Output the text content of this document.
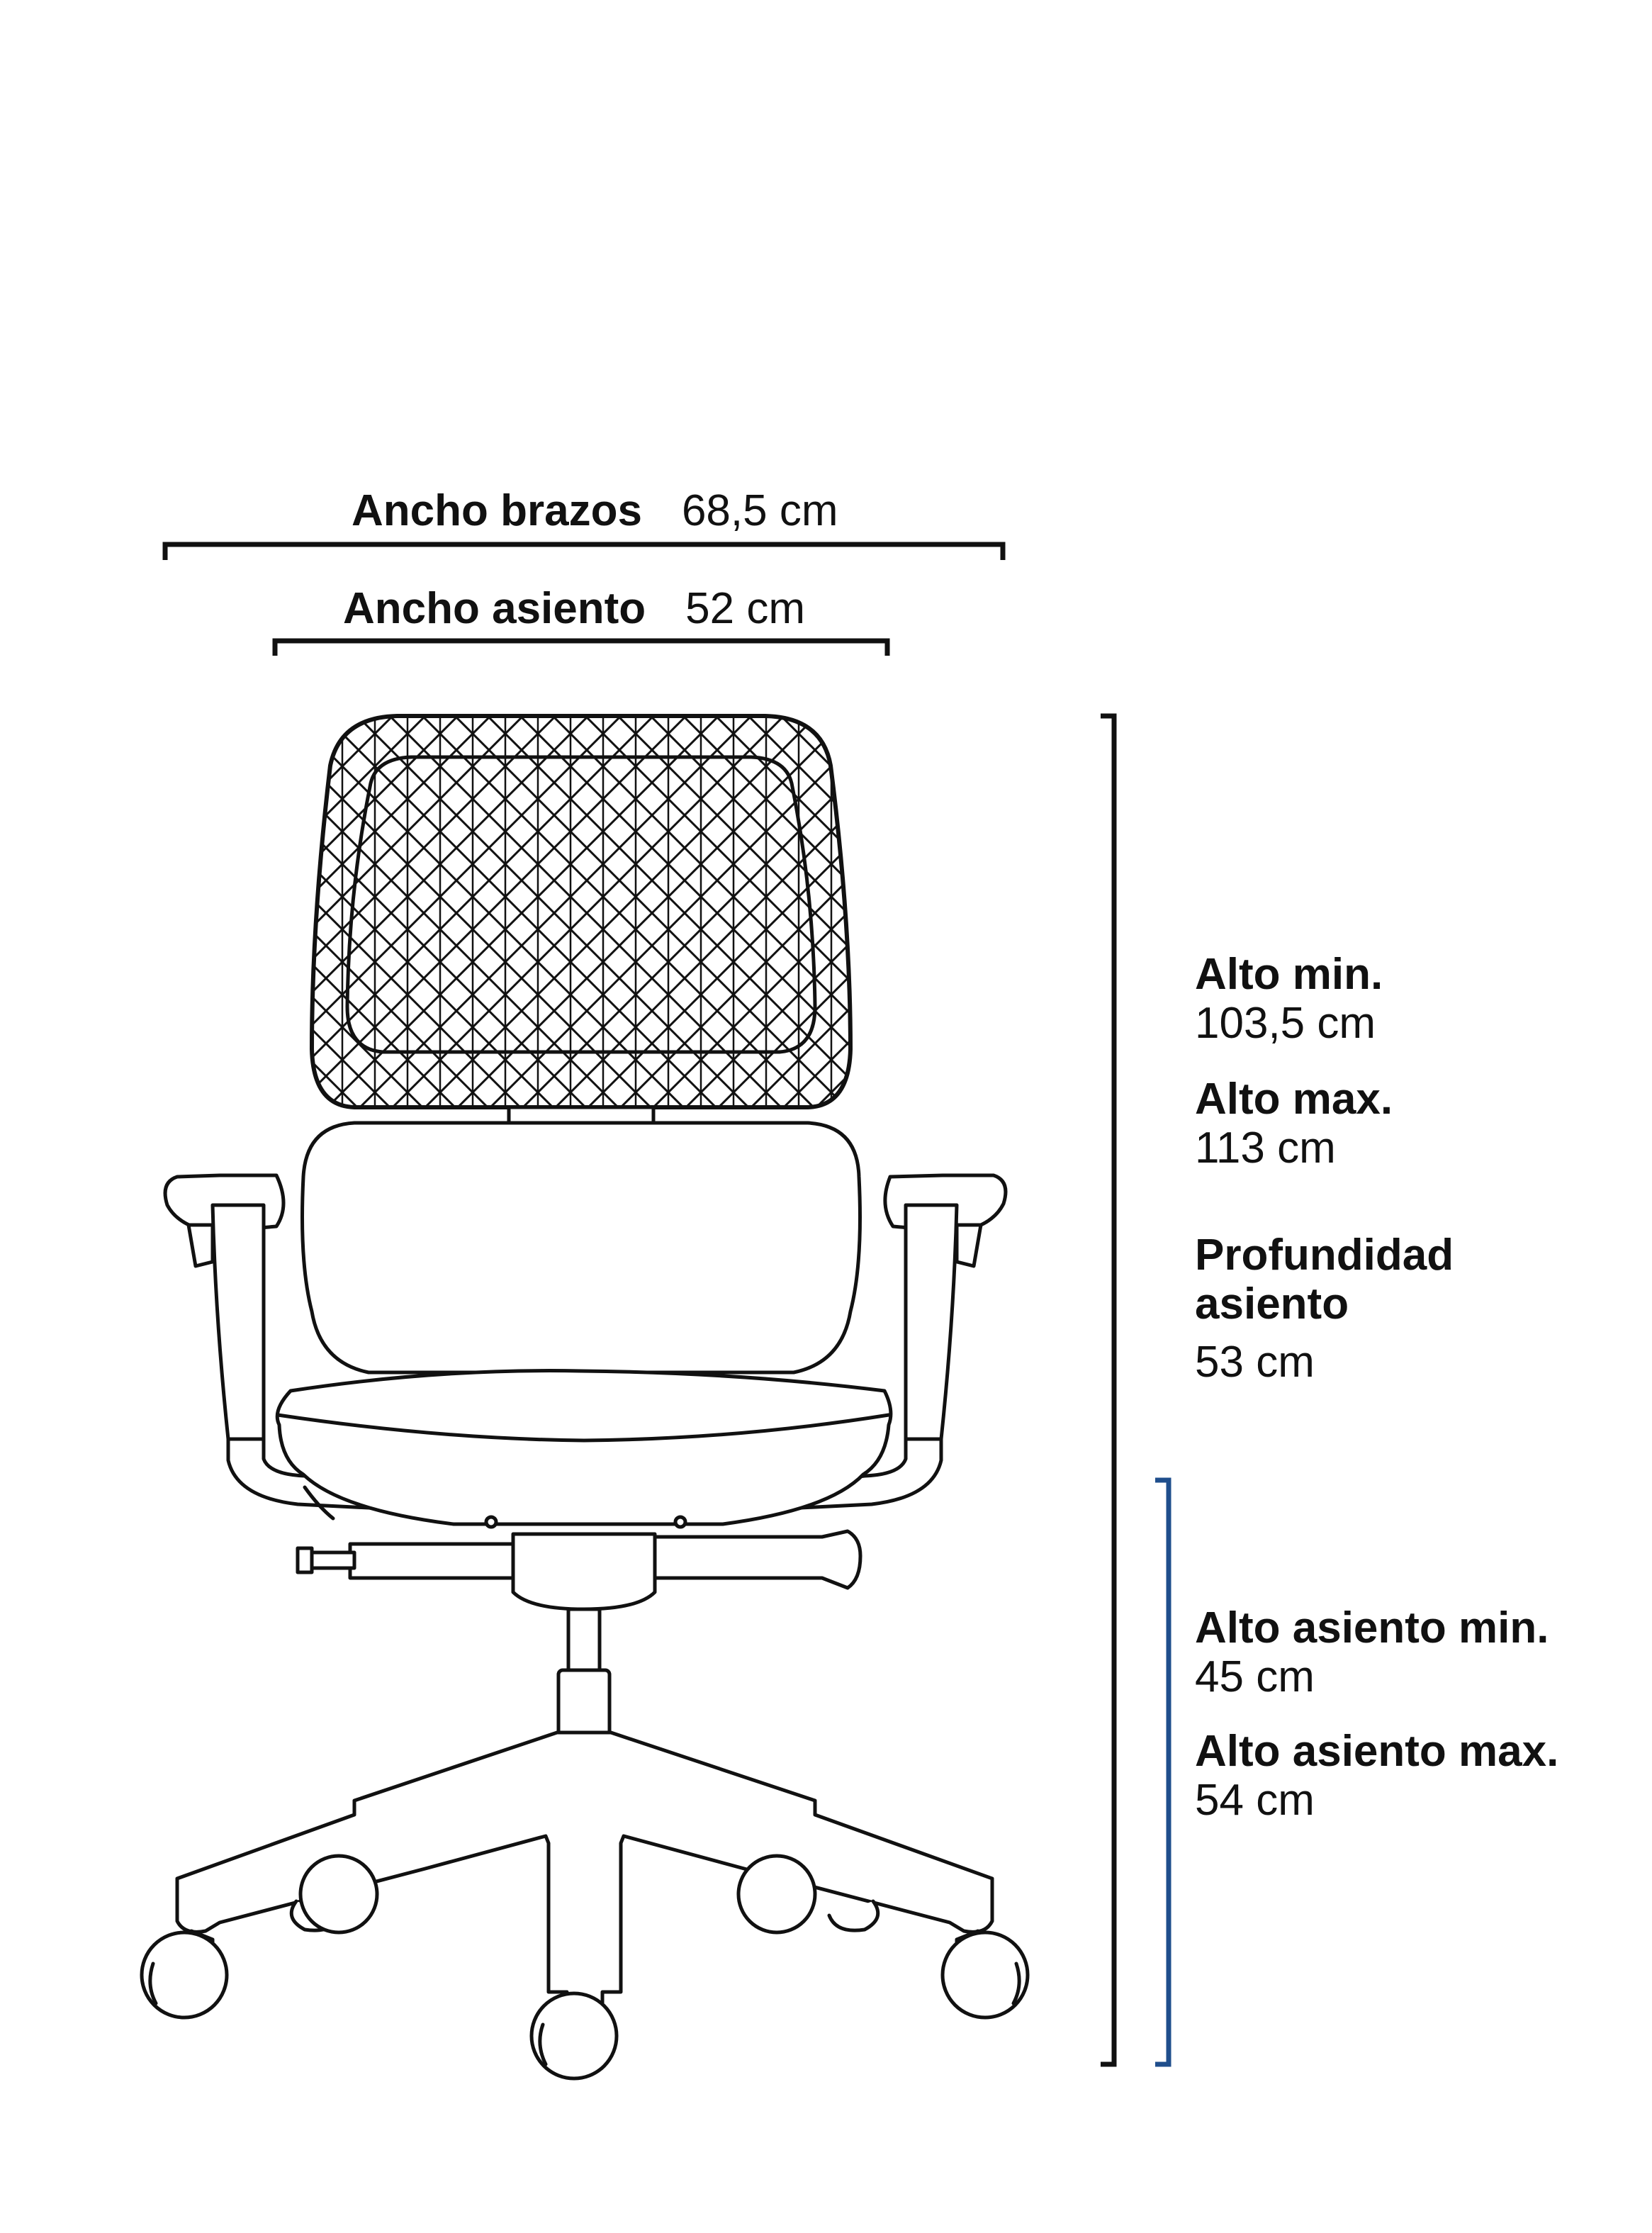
Ancho brazos 68,5 cm
Ancho asiento 52 cm
Alto min.
103,5 cm
Alto max.
113 cm
Profundidad
asiento
53 cm
Alto asiento min.
45 cm
Alto asiento max.
54 cm
